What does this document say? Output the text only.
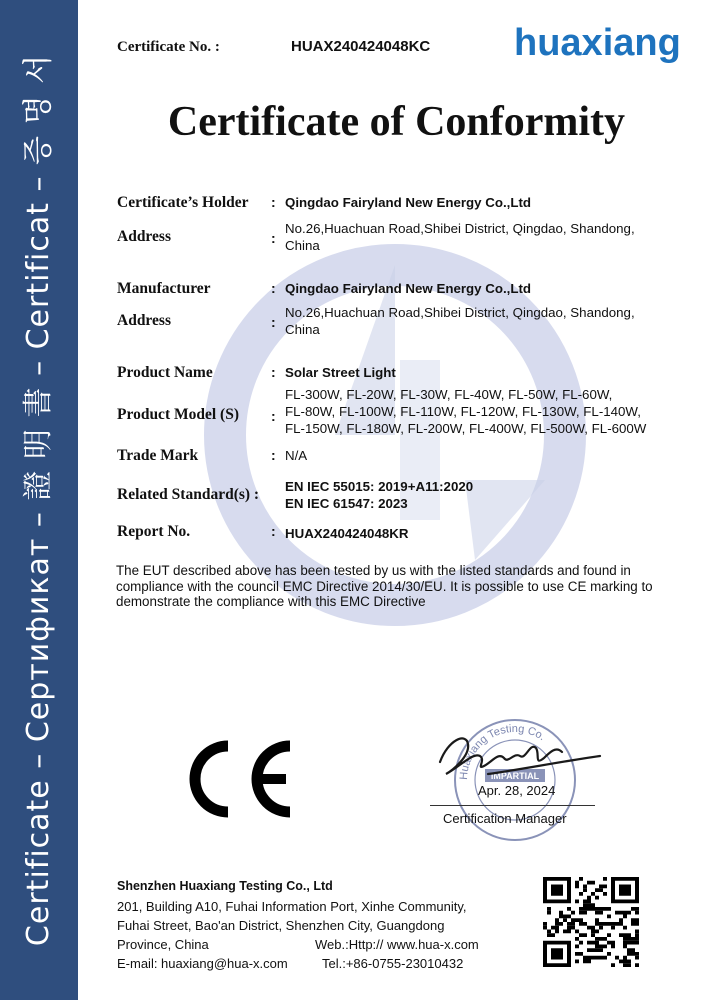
Certificate – Сертификат – 證 明 書 – Certificat – 증 명 서
Certificate No. :	HUAX240424048KC	huaxiang
Certificate of Conformity
Certificate’s Holder : Qingdao Fairyland New Energy Co.,Ltd
Address	:
No.26,Huachuan Road,Shibei District, Qingdao, Shandong,
China
Manufacturer	: Qingdao Fairyland New Energy Co.,Ltd
Address	:
No.26,Huachuan Road,Shibei District, Qingdao, Shandong,
China
Product Name	: Solar Street Light
Product Model (S) :
FL-300W, FL-20W, FL-30W, FL-40W, FL-50W, FL-60W,
FL-80W, FL-100W, FL-110W, FL-120W, FL-130W, FL-140W,
FL-150W, FL-180W, FL-200W, FL-400W, FL-500W, FL-600W
Trade Mark	: N/A
Related Standard(s) : EN IEC 55015: 2019+A11:2020
EN IEC 61547: 2023
Report No.	: HUAX240424048KR
The EUT described above has been tested by us with the listed standards and found in compliance with the council EMC Directive 2014/30/EU. It is possible to use CE marking to demonstrate the compliance with this EMC Directive
Huaxiang Testing Co.
IMPARTIAL
Apr. 28, 2024
Certification Manager
Shenzhen Huaxiang Testing Co., Ltd
201, Building A10, Fuhai Information Port, Xinhe Community,
Fuhai Street, Bao'an District, Shenzhen City, Guangdong
Province, China	Web.:Http:// www.hua-x.com
E-mail: huaxiang@hua-x.com	Tel.:+86-0755-23010432
